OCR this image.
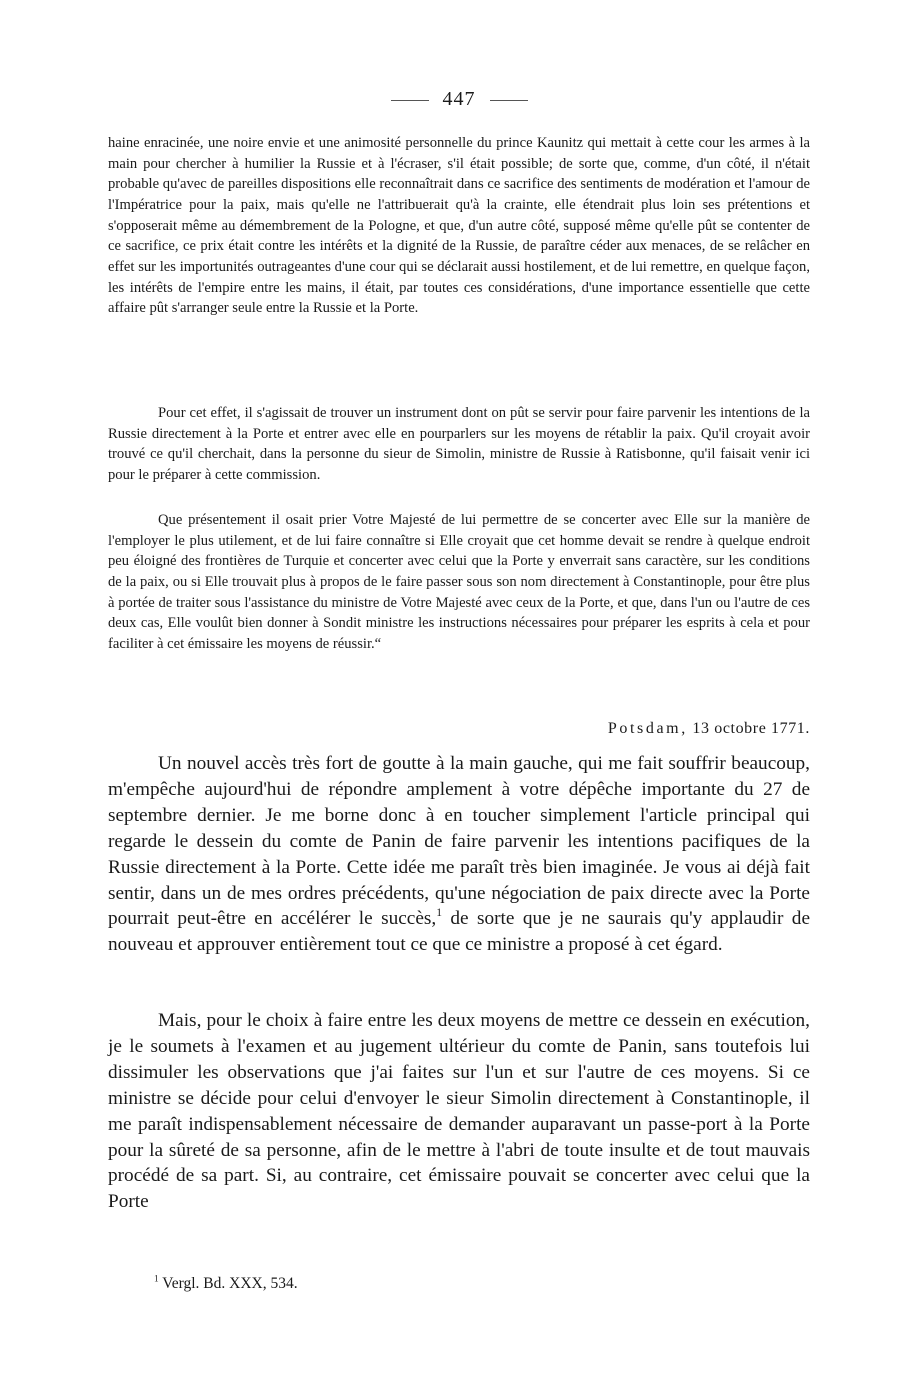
447

haine enracinée, une noire envie et une animosité personnelle du prince Kaunitz qui mettait à cette cour les armes à la main pour chercher à humilier la Russie et à l'écraser, s'il était possible; de sorte que, comme, d'un côté, il n'était probable qu'avec de pareilles dispositions elle reconnaîtrait dans ce sacrifice des sentiments de modération et l'amour de l'Impératrice pour la paix, mais qu'elle ne l'attribuerait qu'à la crainte, elle étendrait plus loin ses prétentions et s'opposerait même au démembrement de la Pologne, et que, d'un autre côté, supposé même qu'elle pût se contenter de ce sacrifice, ce prix était contre les intérêts et la dignité de la Russie, de paraître céder aux menaces, de se relâcher en effet sur les importunités outrageantes d'une cour qui se déclarait aussi hostilement, et de lui remettre, en quelque façon, les intérêts de l'empire entre les mains, il était, par toutes ces considérations, d'une importance essentielle que cette affaire pût s'arranger seule entre la Russie et la Porte.

Pour cet effet, il s'agissait de trouver un instrument dont on pût se servir pour faire parvenir les intentions de la Russie directement à la Porte et entrer avec elle en pourparlers sur les moyens de rétablir la paix. Qu'il croyait avoir trouvé ce qu'il cherchait, dans la personne du sieur de Simolin, ministre de Russie à Ratisbonne, qu'il faisait venir ici pour le préparer à cette commission.

Que présentement il osait prier Votre Majesté de lui permettre de se concerter avec Elle sur la manière de l'employer le plus utilement, et de lui faire connaître si Elle croyait que cet homme devait se rendre à quelque endroit peu éloigné des frontières de Turquie et concerter avec celui que la Porte y enverrait sans caractère, sur les conditions de la paix, ou si Elle trouvait plus à propos de le faire passer sous son nom directement à Constantinople, pour être plus à portée de traiter sous l'assistance du ministre de Votre Majesté avec ceux de la Porte, et que, dans l'un ou l'autre de ces deux cas, Elle voulût bien donner à Sondit ministre les instructions nécessaires pour préparer les esprits à cela et pour faciliter à cet émissaire les moyens de réussir.“

Potsdam, 13 octobre 1771.

Un nouvel accès très fort de goutte à la main gauche, qui me fait souffrir beaucoup, m'empêche aujourd'hui de répondre amplement à votre dépêche importante du 27 de septembre dernier. Je me borne donc à en toucher simplement l'article principal qui regarde le dessein du comte de Panin de faire parvenir les intentions pacifiques de la Russie directement à la Porte. Cette idée me paraît très bien imaginée. Je vous ai déjà fait sentir, dans un de mes ordres précédents, qu'une négociation de paix directe avec la Porte pourrait peut-être en accélérer le succès,$^1$ de sorte que je ne saurais qu'y applaudir de nouveau et approuver entièrement tout ce que ce ministre a proposé à cet égard.

Mais, pour le choix à faire entre les deux moyens de mettre ce dessein en exécution, je le soumets à l'examen et au jugement ultérieur du comte de Panin, sans toutefois lui dissimuler les observations que j'ai faites sur l'un et sur l'autre de ces moyens. Si ce ministre se décide pour celui d'envoyer le sieur Simolin directement à Constantinople, il me paraît indispensablement nécessaire de demander auparavant un passe-port à la Porte pour la sûreté de sa personne, afin de le mettre à l'abri de toute insulte et de tout mauvais procédé de sa part. Si, au contraire, cet émissaire pouvait se concerter avec celui que la Porte

$^1$ Vergl. Bd. XXX, 534.
